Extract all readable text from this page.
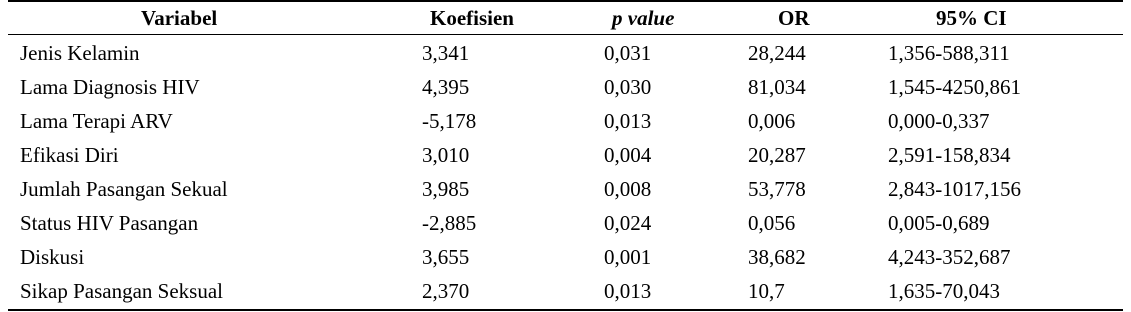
Variabel	Koefisien	p value	OR	95% CI
Jenis Kelamin	3,341	0,031	28,244	1,356-588,311
Lama Diagnosis HIV	4,395	0,030	81,034	1,545-4250,861
Lama Terapi ARV	-5,178	0,013	0,006	0,000-0,337
Efikasi Diri	3,010	0,004	20,287	2,591-158,834
Jumlah Pasangan Sekual	3,985	0,008	53,778	2,843-1017,156
Status HIV Pasangan	-2,885	0,024	0,056	0,005-0,689
Diskusi	3,655	0,001	38,682	4,243-352,687
Sikap Pasangan Seksual	2,370	0,013	10,7	1,635-70,043
